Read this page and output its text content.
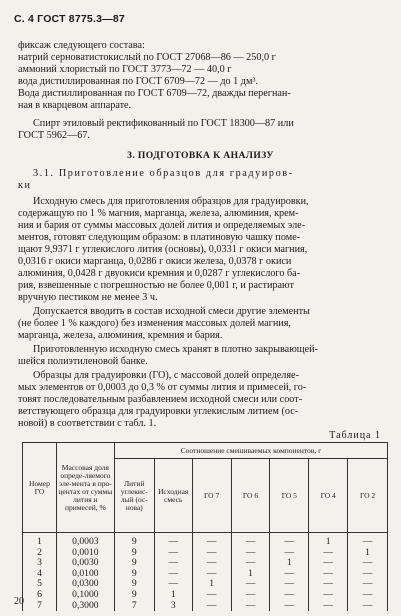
С. 4 ГОСТ 8775.3—87
фиксаж следующего состава:
натрий серноватистокислый по ГОСТ 27068—86 — 250,0 г
аммоний хлористый по ГОСТ 3773—72 — 40,0 г
вода дистиллированная по ГОСТ 6709—72 — до 1 дм³.
Вода дистиллированная по ГОСТ 6709—72, дважды перегнан-
ная в кварцевом аппарате.
Спирт этиловый ректификованный по ГОСТ 18300—87 или
ГОСТ 5962—67.
3. ПОДГОТОВКА К АНАЛИЗУ
3.1. Приготовление образцов для градуиров-
ки
Исходную смесь для приготовления образцов для градуировки,
содержащую по 1 % магния, марганца, железа, алюминия, крем-
ния и бария от суммы массовых долей лития и определяемых эле-
ментов, готовят следующим образом: в платиновую чашку поме-
щают 9,9371 г углекислого лития (основы), 0,0331 г окиси магния,
0,0316 г окиси марганца, 0,0286 г окиси железа, 0,0378 г окиси
алюминия, 0,0428 г двуокиси кремния и 0,0287 г углекислого ба-
рия, взвешенные с погрешностью не более 0,001 г, и растирают
вручную пестиком не менее 3 ч.
Допускается вводить в состав исходной смеси другие элементы
(не более 1 % каждого) без изменения массовых долей магния,
марганца, железа, алюминия, кремния и бария.
Приготовленную исходную смесь хранят в плотно закрывающей-
шейся полиэтиленовой банке.
Образцы для градуировки (ГО), с массовой долей определяе-
мых элементов от 0,0003 до 0,3 % от суммы лития и примесей, го-
товят последовательным разбавлением исходной смеси или соот-
ветствующего образца для градуировки углекислым литием (ос-
новой) в соответствии с табл. 1.
Таблица 1
Номер ГО	Массовая доля опреде-ляемого эле-мента в про-центах от суммы лития и примесей, %	Соотношение смешиваемых компонентов, г						
		Литий углекис-лый (ос-нова)	Исходная смесь	ГО 7	ГО 6	ГО 5	ГО 4	ГО 2
1	0,0003	9	—	—	—	—	1	—
2	0,0010	9	—	—	—	—	—	1
3	0,0030	9	—	—	—	1	—	—
4	0,0100	9	—	—	1	—	—	—
5	0,0300	9	—	1	—	—	—	—
6	0,1000	9	1	—	—	—	—	—
7	0,3000	7	3	—	—	—	—	—
20
